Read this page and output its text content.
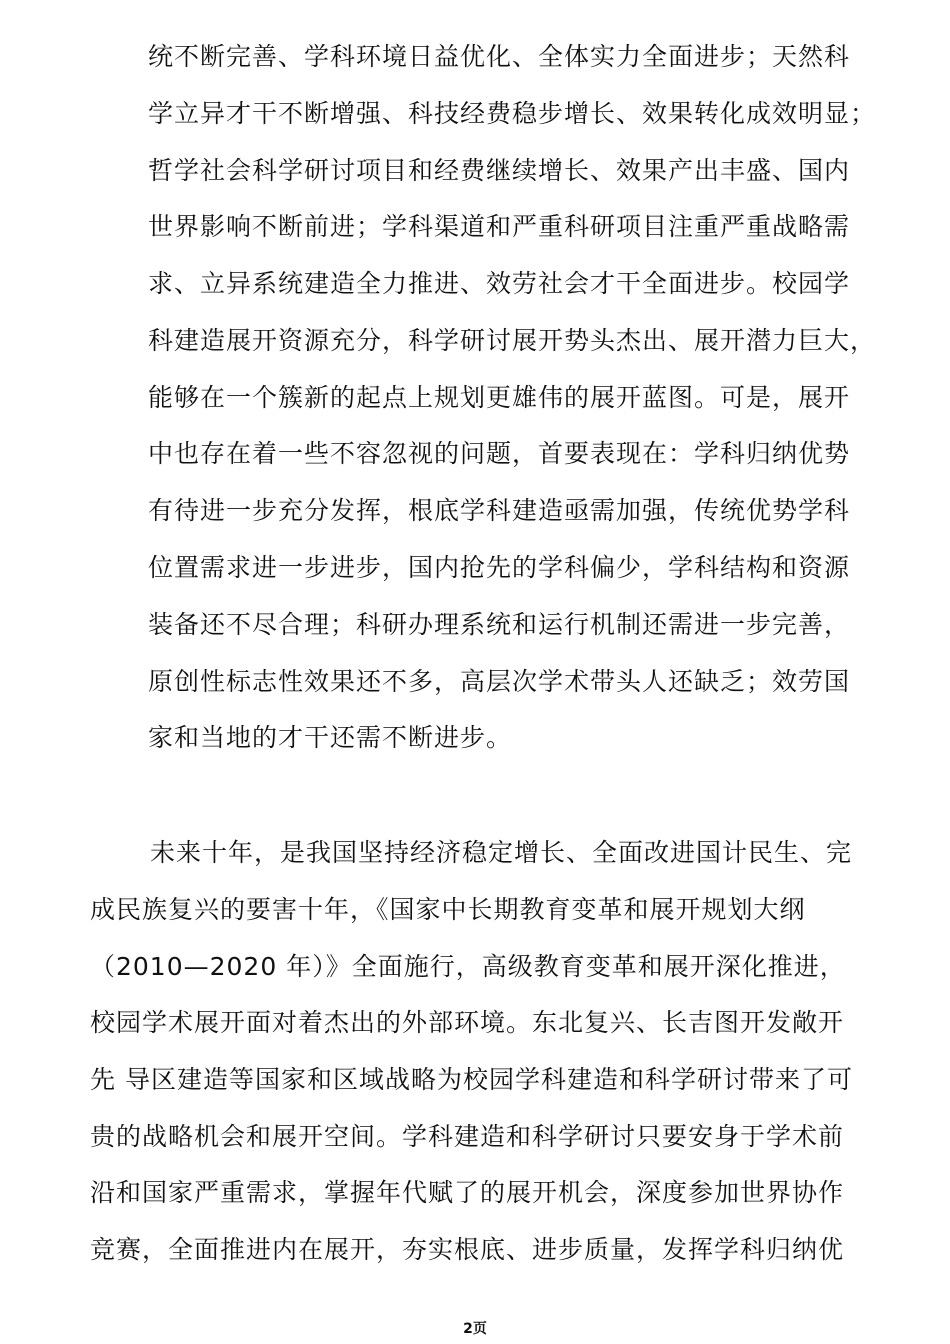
统不断完善、学科环境日益优化、全体实力全面进步；天然科
学立异才干不断增强、科技经费稳步增长、效果转化成效明显；
哲学社会科学研讨项目和经费继续增长、效果产出丰盛、国内
世界影响不断前进；学科渠道和严重科研项目注重严重战略需
求、立异系统建造全力推进、效劳社会才干全面进步。校园学
科建造展开资源充分，科学研讨展开势头杰出、展开潜力巨大，
能够在一个簇新的起点上规划更雄伟的展开蓝图。可是，展开
中也存在着一些不容忽视的问题，首要表现在：学科归纳优势
有待进一步充分发挥，根底学科建造亟需加强，传统优势学科
位置需求进一步进步，国内抢先的学科偏少，学科结构和资源
装备还不尽合理；科研办理系统和运行机制还需进一步完善，
原创性标志性效果还不多，高层次学术带头人还缺乏；效劳国
家和当地的才干还需不断进步。
未来十年，是我国坚持经济稳定增长、全面改进国计民生、完
成民族复兴的要害十年，《国家中长期教育变革和展开规划大纲
（2010—2020 年）》全面施行，高级教育变革和展开深化推进，
校园学术展开面对着杰出的外部环境。东北复兴、长吉图开发敞开
先 导区建造等国家和区域战略为校园学科建造和科学研讨带来了可
贵的战略机会和展开空间。学科建造和科学研讨只要安身于学术前
沿和国家严重需求，掌握年代赋了的展开机会，深度参加世界协作
竞赛，全面推进内在展开，夯实根底、进步质量，发挥学科归纳优
2页
